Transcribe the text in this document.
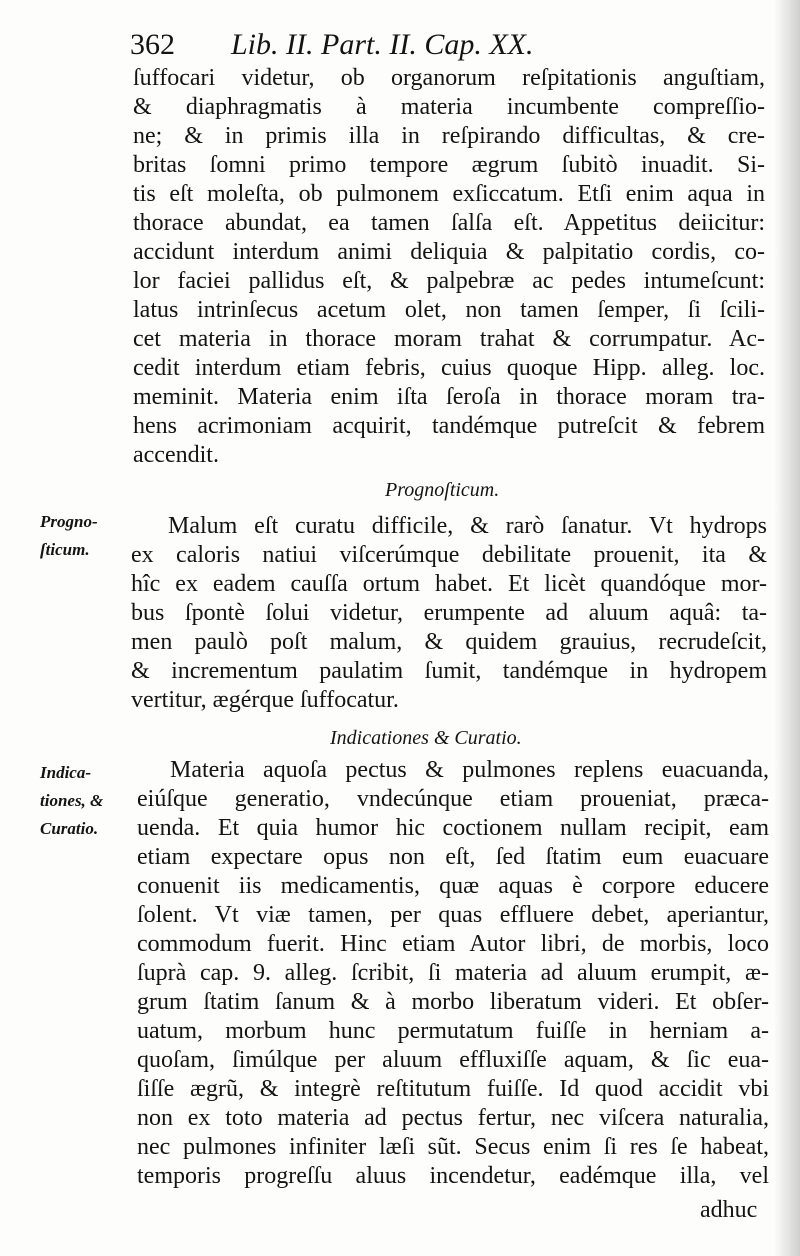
362 Lib. II. Part. II. Cap. XX.
ſuffocari videtur, ob organorum reſpitationis anguſtiam,
& diaphragmatis à materia incumbente compreſſio-
ne; & in primis illa in reſpirando difficultas, & cre-
britas ſomni primo tempore ægrum ſubitò inuadit. Si-
tis eſt moleſta, ob pulmonem exſiccatum. Etſi enim aqua in
thorace abundat, ea tamen ſalſa eſt. Appetitus deiicitur:
accidunt interdum animi deliquia & palpitatio cordis, co-
lor faciei pallidus eſt, & palpebræ ac pedes intumeſcunt:
latus intrinſecus acetum olet, non tamen ſemper, ſi ſcili-
cet materia in thorace moram trahat & corrumpatur. Ac-
cedit interdum etiam febris, cuius quoque Hipp. alleg. loc.
meminit. Materia enim iſta ſeroſa in thorace moram tra-
hens acrimoniam acquirit, tandémque putreſcit & febrem
accendit.
Prognoſticum.
Progno-
ſticum.
Malum eſt curatu difficile, & rarò ſanatur. Vt hydrops
ex caloris natiui viſcerúmque debilitate prouenit, ita &
hîc ex eadem cauſſa ortum habet. Et licèt quandóque mor-
bus ſpontè ſolui videtur, erumpente ad aluum aquâ: ta-
men paulò poſt malum, & quidem grauius, recrudeſcit,
& incrementum paulatim ſumit, tandémque in hydropem
vertitur, ægérque ſuffocatur.
Indicationes & Curatio.
Indica-
tiones, &
Curatio.
Materia aquoſa pectus & pulmones replens euacuanda,
eiúſque generatio, vndecúnque etiam proueniat, præca-
uenda. Et quia humor hic coctionem nullam recipit, eam
etiam expectare opus non eſt, ſed ſtatim eum euacuare
conuenit iis medicamentis, quæ aquas è corpore educere
ſolent. Vt viæ tamen, per quas effluere debet, aperiantur,
commodum fuerit. Hinc etiam Autor libri, de morbis, loco
ſuprà cap. 9. alleg. ſcribit, ſi materia ad aluum erumpit, æ-
grum ſtatim ſanum & à morbo liberatum videri. Et obſer-
uatum, morbum hunc permutatum fuiſſe in herniam a-
quoſam, ſimúlque per aluum effluxiſſe aquam, & ſic eua-
ſiſſe ægrũ, & integrè reſtitutum fuiſſe. Id quod accidit vbi
non ex toto materia ad pectus fertur, nec viſcera naturalia,
nec pulmones infiniter læſi sũt. Secus enim ſi res ſe habeat,
temporis progreſſu aluus incendetur, eadémque illa, vel
adhuc
